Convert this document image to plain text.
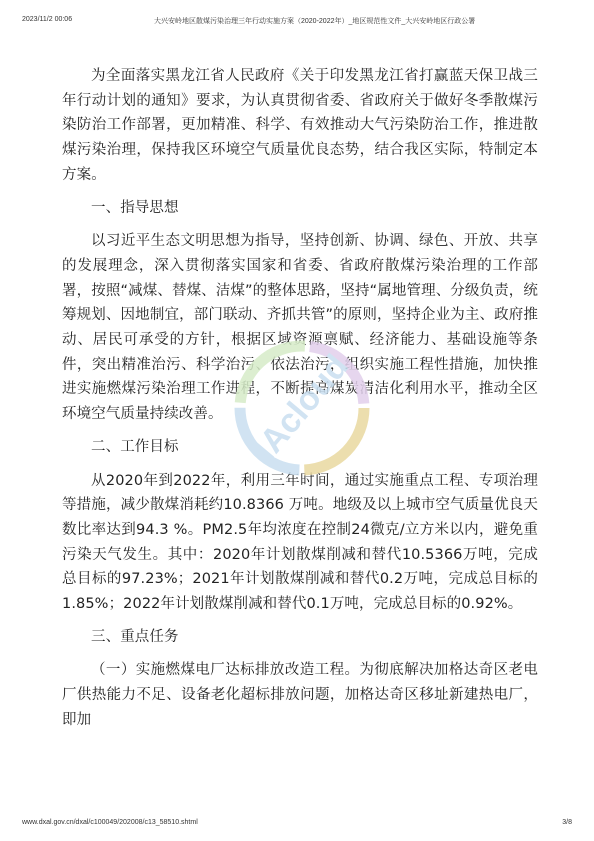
2023/11/2 00:06	大兴安岭地区散煤污染治理三年行动实施方案（2020-2022年）_地区规范性文件_大兴安岭地区行政公署

为全面落实黑龙江省人民政府《关于印发黑龙江省打赢蓝天保卫战三年行动计划的通知》要求，为认真贯彻省委、省政府关于做好冬季散煤污染防治工作部署，更加精准、科学、有效推动大气污染防治工作，推进散煤污染治理，保持我区环境空气质量优良态势，结合我区实际，特制定本方案。

一、指导思想

以习近平生态文明思想为指导，坚持创新、协调、绿色、开放、共享的发展理念，深入贯彻落实国家和省委、省政府散煤污染治理的工作部署，按照“减煤、替煤、洁煤”的整体思路，坚持“属地管理、分级负责，统筹规划、因地制宜，部门联动、齐抓共管”的原则，坚持企业为主、政府推动、居民可承受的方针，根据区域资源禀赋、经济能力、基础设施等条件，突出精准治污、科学治污、依法治污，组织实施工程性措施，加快推进实施燃煤污染治理工作进程，不断提高煤炭清洁化利用水平，推动全区环境空气质量持续改善。

二、工作目标

从2020年到2022年，利用三年时间，通过实施重点工程、专项治理等措施，减少散煤消耗约10.8366 万吨。地级及以上城市空气质量优良天数比率达到94.3 %。PM2.5年均浓度在控制24微克/立方米以内，避免重污染天气发生。其中：2020年计划散煤削减和替代10.5366万吨，完成总目标的97.23%；2021年计划散煤削减和替代0.2万吨，完成总目标的1.85%；2022年计划散煤削减和替代0.1万吨，完成总目标的0.92%。

三、重点任务

（一）实施燃煤电厂达标排放改造工程。为彻底解决加格达奇区老电厂供热能力不足、设备老化超标排放问题，加格达奇区移址新建热电厂，即加

lAcloud
www.dxal.gov.cn/dxal/c100049/202008/c13_58510.shtml	3/8
